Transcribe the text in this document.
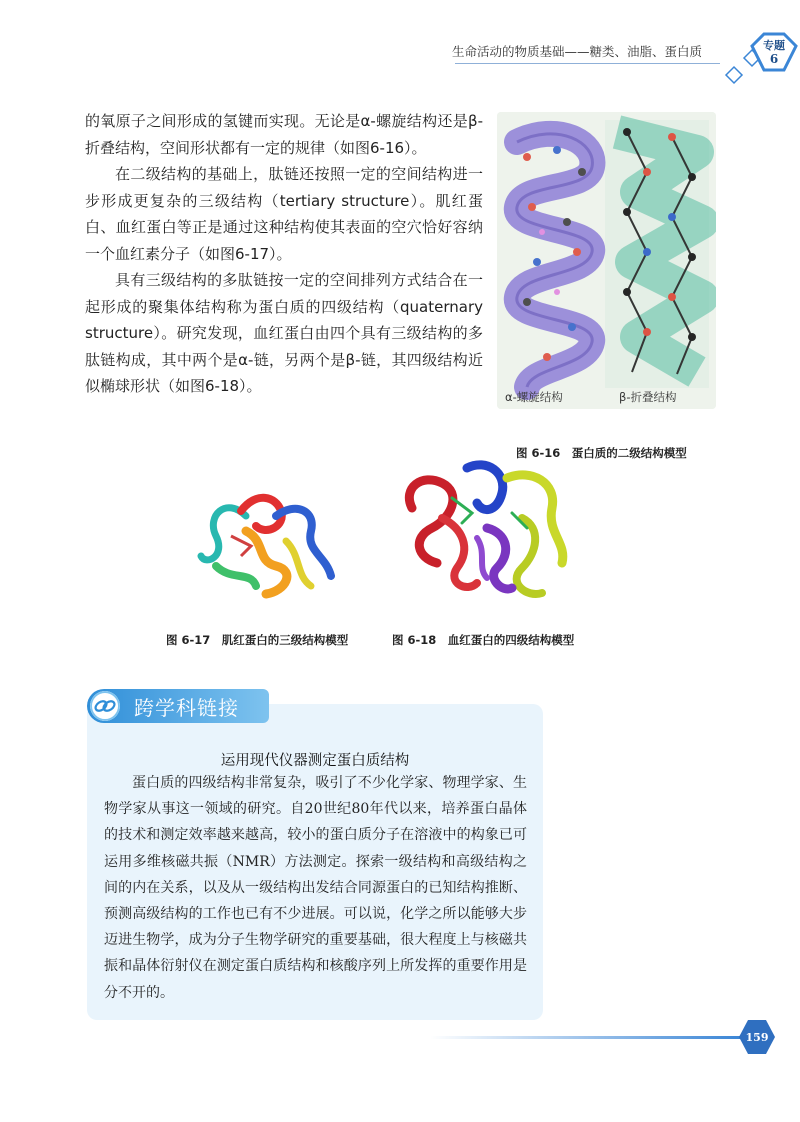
生命活动的物质基础——糖类、油脂、蛋白质	专题
6

的氧原子之间形成的氢键而实现。无论是α-螺旋结构还是β-折叠结构，空间形状都有一定的规律（如图6-16）。

在二级结构的基础上，肽链还按照一定的空间结构进一步形成更复杂的三级结构（tertiary structure）。肌红蛋白、血红蛋白等正是通过这种结构使其表面的空穴恰好容纳一个血红素分子（如图6-17）。

具有三级结构的多肽链按一定的空间排列方式结合在一起形成的聚集体结构称为蛋白质的四级结构（quaternary structure）。研究发现，血红蛋白由四个具有三级结构的多肽链构成，其中两个是α-链，另两个是β-链，其四级结构近似椭球形状（如图6-18）。

α-螺旋结构	β-折叠结构
图 6-16　蛋白质的二级结构模型
图 6-17　肌红蛋白的三级结构模型	图 6-18　血红蛋白的四级结构模型
跨学科链接
运用现代仪器测定蛋白质结构
蛋白质的四级结构非常复杂，吸引了不少化学家、物理学家、生物学家从事这一领域的研究。自20世纪80年代以来，培养蛋白晶体的技术和测定效率越来越高，较小的蛋白质分子在溶液中的构象已可运用多维核磁共振（NMR）方法测定。探索一级结构和高级结构之间的内在关系，以及从一级结构出发结合同源蛋白的已知结构推断、预测高级结构的工作也已有不少进展。可以说，化学之所以能够大步迈进生物学，成为分子生物学研究的重要基础，很大程度上与核磁共振和晶体衍射仪在测定蛋白质结构和核酸序列上所发挥的重要作用是分不开的。
159
